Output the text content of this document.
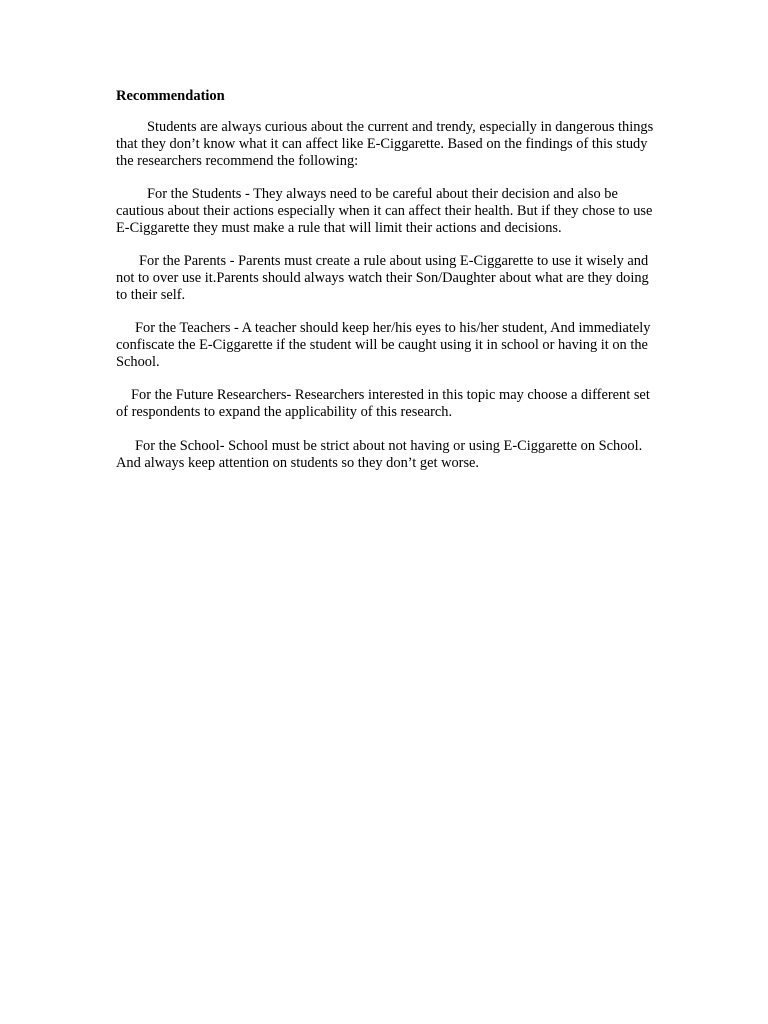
Recommendation

Students are always curious about the current and trendy, especially in dangerous things that they don’t know what it can affect like E-Ciggarette. Based on the findings of this study the researchers recommend the following:

For the Students - They always need to be careful about their decision and also be cautious about their actions especially when it can affect their health. But if they chose to use E-Ciggarette they must make a rule that will limit their actions and decisions.

For the Parents - Parents must create a rule about using E-Ciggarette to use it wisely and not to over use it.Parents should always watch their Son/Daughter about what are they doing to their self.

For the Teachers - A teacher should keep her/his eyes to his/her student, And immediately confiscate the E-Ciggarette if the student will be caught using it in school or having it on the School.

For the Future Researchers- Researchers interested in this topic may choose a different set of respondents to expand the applicability of this research.

For the School- School must be strict about not having or using E-Ciggarette on School. And always keep attention on students so they don’t get worse.
